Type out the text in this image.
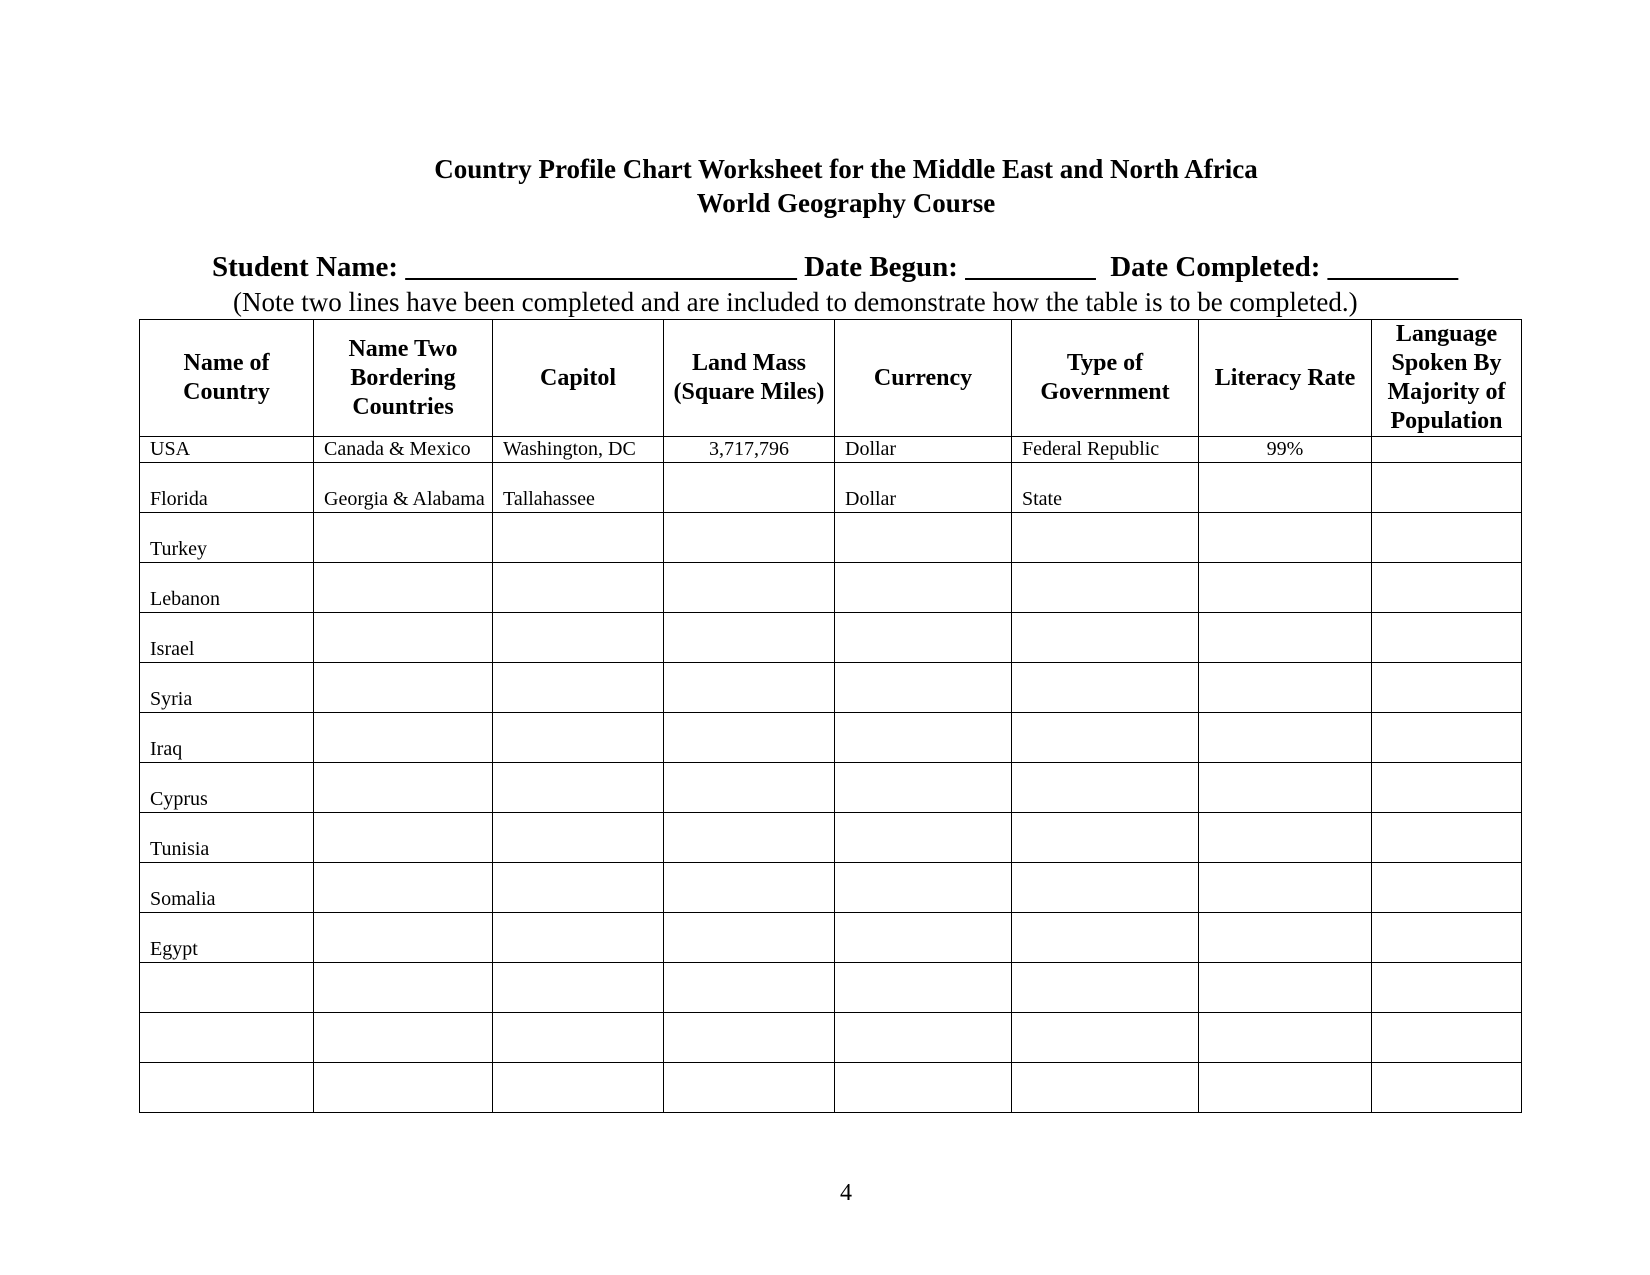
Country Profile Chart Worksheet for the Middle East and North Africa
World Geography Course
Student Name: ___________________________ Date Begun: _________ Date Completed: _________
(Note two lines have been completed and are included to demonstrate how the table is to be completed.)
Name of Country	Name Two Bordering Countries	Capitol	Land Mass (Square Miles)	Currency	Type of Government	Literacy Rate	Language Spoken By Majority of Population
USA	Canada & Mexico	Washington, DC	3,717,796	Dollar	Federal Republic	99%	
Florida	Georgia & Alabama	Tallahassee		Dollar	State		
Turkey							
Lebanon							
Israel							
Syria							
Iraq							
Cyprus							
Tunisia							
Somalia							
Egypt							

4
